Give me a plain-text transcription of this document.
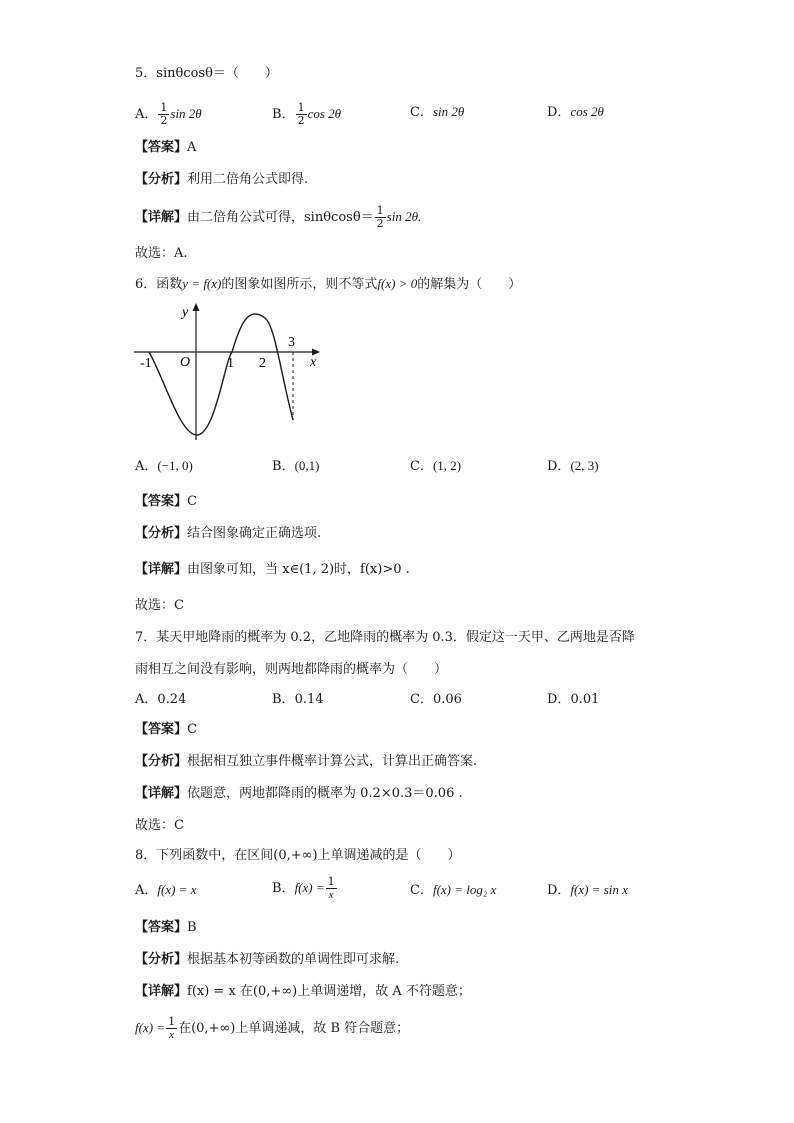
5．sinθcosθ＝（　　）
A． $\frac{1}{2}$ sin 2θ	B． $\frac{1}{2}$ cos 2θ	C．sin 2θ	D．cos 2θ
【答案】A
【分析】利用二倍角公式即得.
【详解】由二倍角公式可得，$\sin\theta\cos\theta= \frac{1}{2}$ sin 2θ.
故选：A.
6．函数y = f(x)的图象如图所示，则不等式f(x) > 0的解集为（　　）
y
x
O
-1	1 2
3
A．(−1, 0)	B．(0,1)	C．(1, 2)	D．(2, 3)
【答案】C
【分析】结合图象确定正确选项.
【详解】由图象可知，当 x∈(1, 2)时，f(x)>0 .
故选：C
7．某天甲地降雨的概率为 0.2，乙地降雨的概率为 0.3．假定这一天甲、乙两地是否降
雨相互之间没有影响，则两地都降雨的概率为（　　）
A．0.24	B．0.14	C．0.06	D．0.01
【答案】C
【分析】根据相互独立事件概率计算公式，计算出正确答案.
【详解】依题意，两地都降雨的概率为 0.2×0.3＝0.06 .
故选：C
8．下列函数中，在区间(0,+∞)上单调递减的是（　　）
A．f(x) = x	B．$f(x) = \frac{1}{x}$	C．f(x) = log₂ x	D．f(x) = sin x
【答案】B
【分析】根据基本初等函数的单调性即可求解.
【详解】f(x) = x 在(0,+∞)上单调递增，故 A 不符题意；
$f(x) = \frac{1}{x}$ 在(0,+∞)上单调递减，故 B 符合题意；
